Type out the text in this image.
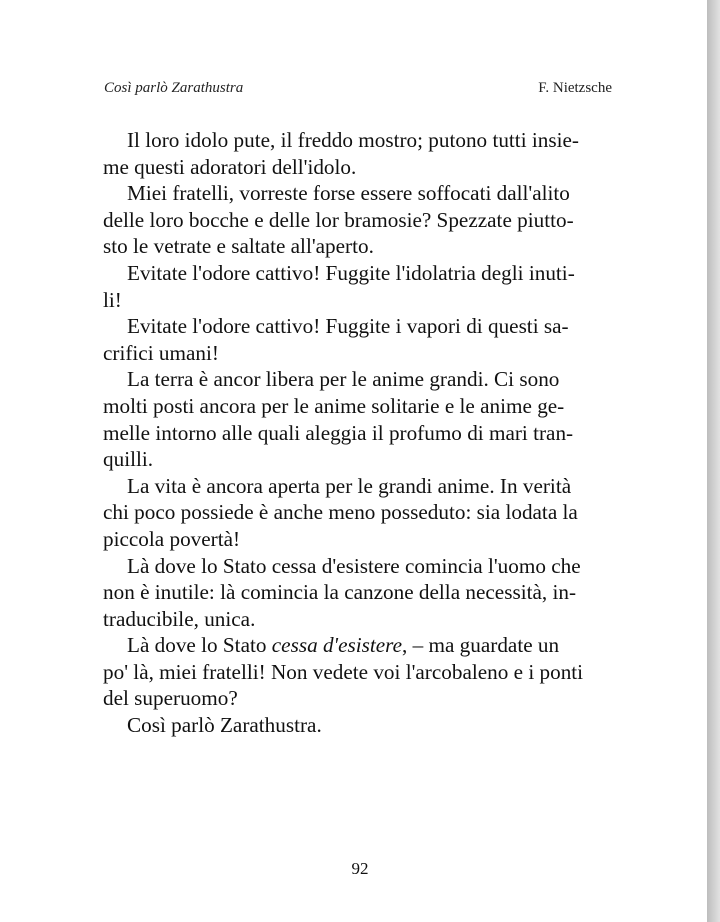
Così parlò Zarathustra	F. Nietzsche

Il loro idolo pute, il freddo mostro; putono tutti insie-
me questi adoratori dell'idolo.

Miei fratelli, vorreste forse essere soffocati dall'alito
delle loro bocche e delle lor bramosie? Spezzate piutto-
sto le vetrate e saltate all'aperto.

Evitate l'odore cattivo! Fuggite l'idolatria degli inuti-
li!

Evitate l'odore cattivo! Fuggite i vapori di questi sa-
crifici umani!

La terra è ancor libera per le anime grandi. Ci sono
molti posti ancora per le anime solitarie e le anime ge-
melle intorno alle quali aleggia il profumo di mari tran-
quilli.

La vita è ancora aperta per le grandi anime. In verità
chi poco possiede è anche meno posseduto: sia lodata la
piccola povertà!

Là dove lo Stato cessa d'esistere comincia l'uomo che
non è inutile: là comincia la canzone della necessità, in-
traducibile, unica.

Là dove lo Stato cessa d'esistere, – ma guardate un
po' là, miei fratelli! Non vedete voi l'arcobaleno e i ponti
del superuomo?

Così parlò Zarathustra.

92
